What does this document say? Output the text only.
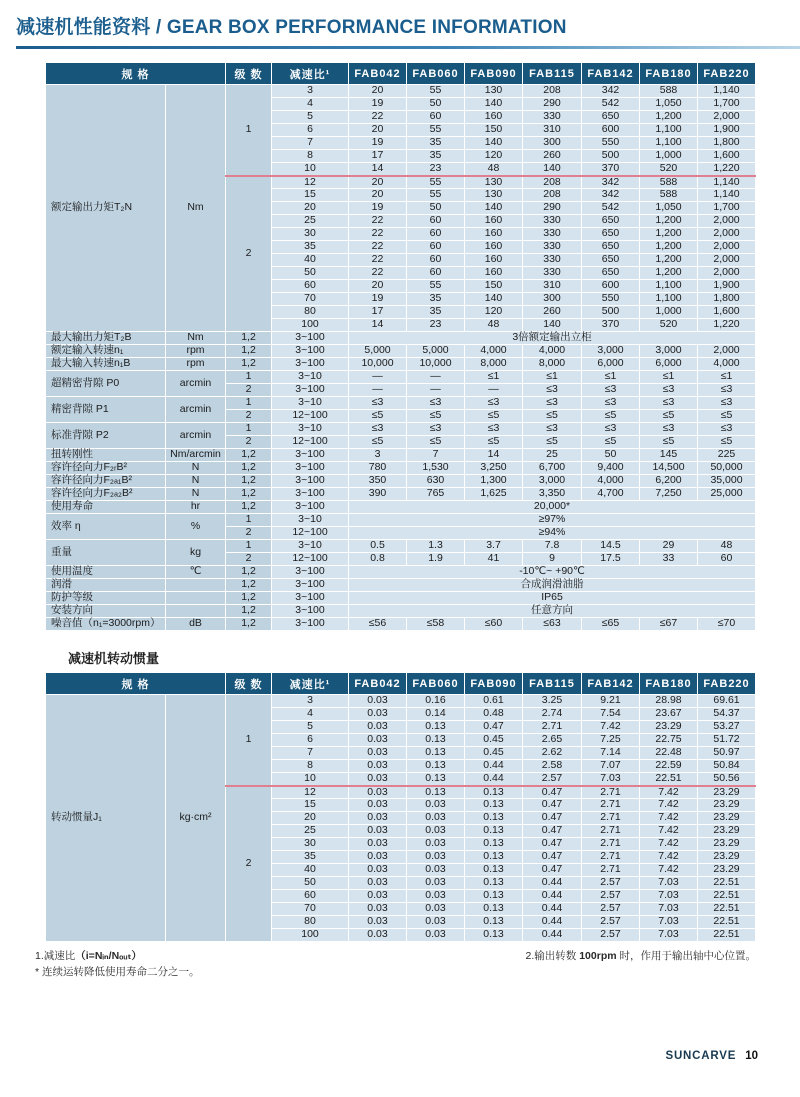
减速机性能资料 / GEAR BOX PERFORMANCE INFORMATION
规 格		级 数	减速比¹	FAB042	FAB060	FAB090	FAB115	FAB142	FAB180	FAB220
额定输出力矩T₂N	Nm	1	3	20	55	130	208	342	588	1,140
			4	19	50	140	290	542	1,050	1,700
			5	22	60	160	330	650	1,200	2,000
			6	20	55	150	310	600	1,100	1,900
			7	19	35	140	300	550	1,100	1,800
			8	17	35	120	260	500	1,000	1,600
			10	14	23	48	140	370	520	1,220
		2	12	20	55	130	208	342	588	1,140
			15	20	55	130	208	342	588	1,140
			20	19	50	140	290	542	1,050	1,700
			25	22	60	160	330	650	1,200	2,000
			30	22	60	160	330	650	1,200	2,000
			35	22	60	160	330	650	1,200	2,000
			40	22	60	160	330	650	1,200	2,000
			50	22	60	160	330	650	1,200	2,000
			60	20	55	150	310	600	1,100	1,900
			70	19	35	140	300	550	1,100	1,800
			80	17	35	120	260	500	1,000	1,600
			100	14	23	48	140	370	520	1,220
最大输出力矩T₂B	Nm	1,2	3~100	3倍额定输出立柜						
额定输入转速n₁	rpm	1,2	3~100	5,000	5,000	4,000	4,000	3,000	3,000	2,000
最大输入转速n₁B	rpm	1,2	3~100	10,000	10,000	8,000	8,000	6,000	6,000	4,000
超精密背隙 P0	arcmin	1	3~10	—	—	≤1	≤1	≤1	≤1	≤1
		2	3~100	—	—	—	≤3	≤3	≤3	≤3
精密背隙 P1	arcmin	1	3~10	≤3	≤3	≤3	≤3	≤3	≤3	≤3
		2	12~100	≤5	≤5	≤5	≤5	≤5	≤5	≤5
标准背隙 P2	arcmin	1	3~10	≤3	≤3	≤3	≤3	≤3	≤3	≤3
		2	12~100	≤5	≤5	≤5	≤5	≤5	≤5	≤5
扭转刚性	Nm/arcmin	1,2	3~100	3	7	14	25	50	145	225
容许径向力F₂ᵣB²	N	1,2	3~100	780	1,530	3,250	6,700	9,400	14,500	50,000
容许径向力F₂ₐ₁B²	N	1,2	3~100	350	630	1,300	3,000	4,000	6,200	35,000
容许径向力F₂ₐ₂B²	N	1,2	3~100	390	765	1,625	3,350	4,700	7,250	25,000
使用寿命	hr	1,2	3~100	20,000*						
效率 η	%	1	3~10	≥97%						
		2	12~100	≥94%						
重量	kg	1	3~10	0.5	1.3	3.7	7.8	14.5	29	48
		2	12~100	0.8	1.9	41	9	17.5	33	60
使用温度	℃	1,2	3~100	-10℃~ +90℃						
润滑		1,2	3~100	合成润滑油脂						
防护等级		1,2	3~100	IP65						
安装方向		1,2	3~100	任意方向						
噪音值（n₁=3000rpm）	dB	1,2	3~100	≤56	≤58	≤60	≤63	≤65	≤67	≤70
减速机转动惯量
规 格		级 数	减速比¹	FAB042	FAB060	FAB090	FAB115	FAB142	FAB180	FAB220
转动惯量J₁	kg·cm²	1	3	0.03	0.16	0.61	3.25	9.21	28.98	69.61
			4	0.03	0.14	0.48	2.74	7.54	23.67	54.37
			5	0.03	0.13	0.47	2.71	7.42	23.29	53.27
			6	0.03	0.13	0.45	2.65	7.25	22.75	51.72
			7	0.03	0.13	0.45	2.62	7.14	22.48	50.97
			8	0.03	0.13	0.44	2.58	7.07	22.59	50.84
			10	0.03	0.13	0.44	2.57	7.03	22.51	50.56
		2	12	0.03	0.13	0.13	0.47	2.71	7.42	23.29
			15	0.03	0.03	0.13	0.47	2.71	7.42	23.29
			20	0.03	0.03	0.13	0.47	2.71	7.42	23.29
			25	0.03	0.03	0.13	0.47	2.71	7.42	23.29
			30	0.03	0.03	0.13	0.47	2.71	7.42	23.29
			35	0.03	0.03	0.13	0.47	2.71	7.42	23.29
			40	0.03	0.03	0.13	0.47	2.71	7.42	23.29
			50	0.03	0.03	0.13	0.44	2.57	7.03	22.51
			60	0.03	0.03	0.13	0.44	2.57	7.03	22.51
			70	0.03	0.03	0.13	0.44	2.57	7.03	22.51
			80	0.03	0.03	0.13	0.44	2.57	7.03	22.51
			100	0.03	0.03	0.13	0.44	2.57	7.03	22.51
1.减速比（i=Nᵢₙ/Nₒᵤₜ）
* 连续运转降低使用寿命二分之一。
2.输出转数 100rpm 时，作用于输出轴中心位置。
SUNCARVE 10
